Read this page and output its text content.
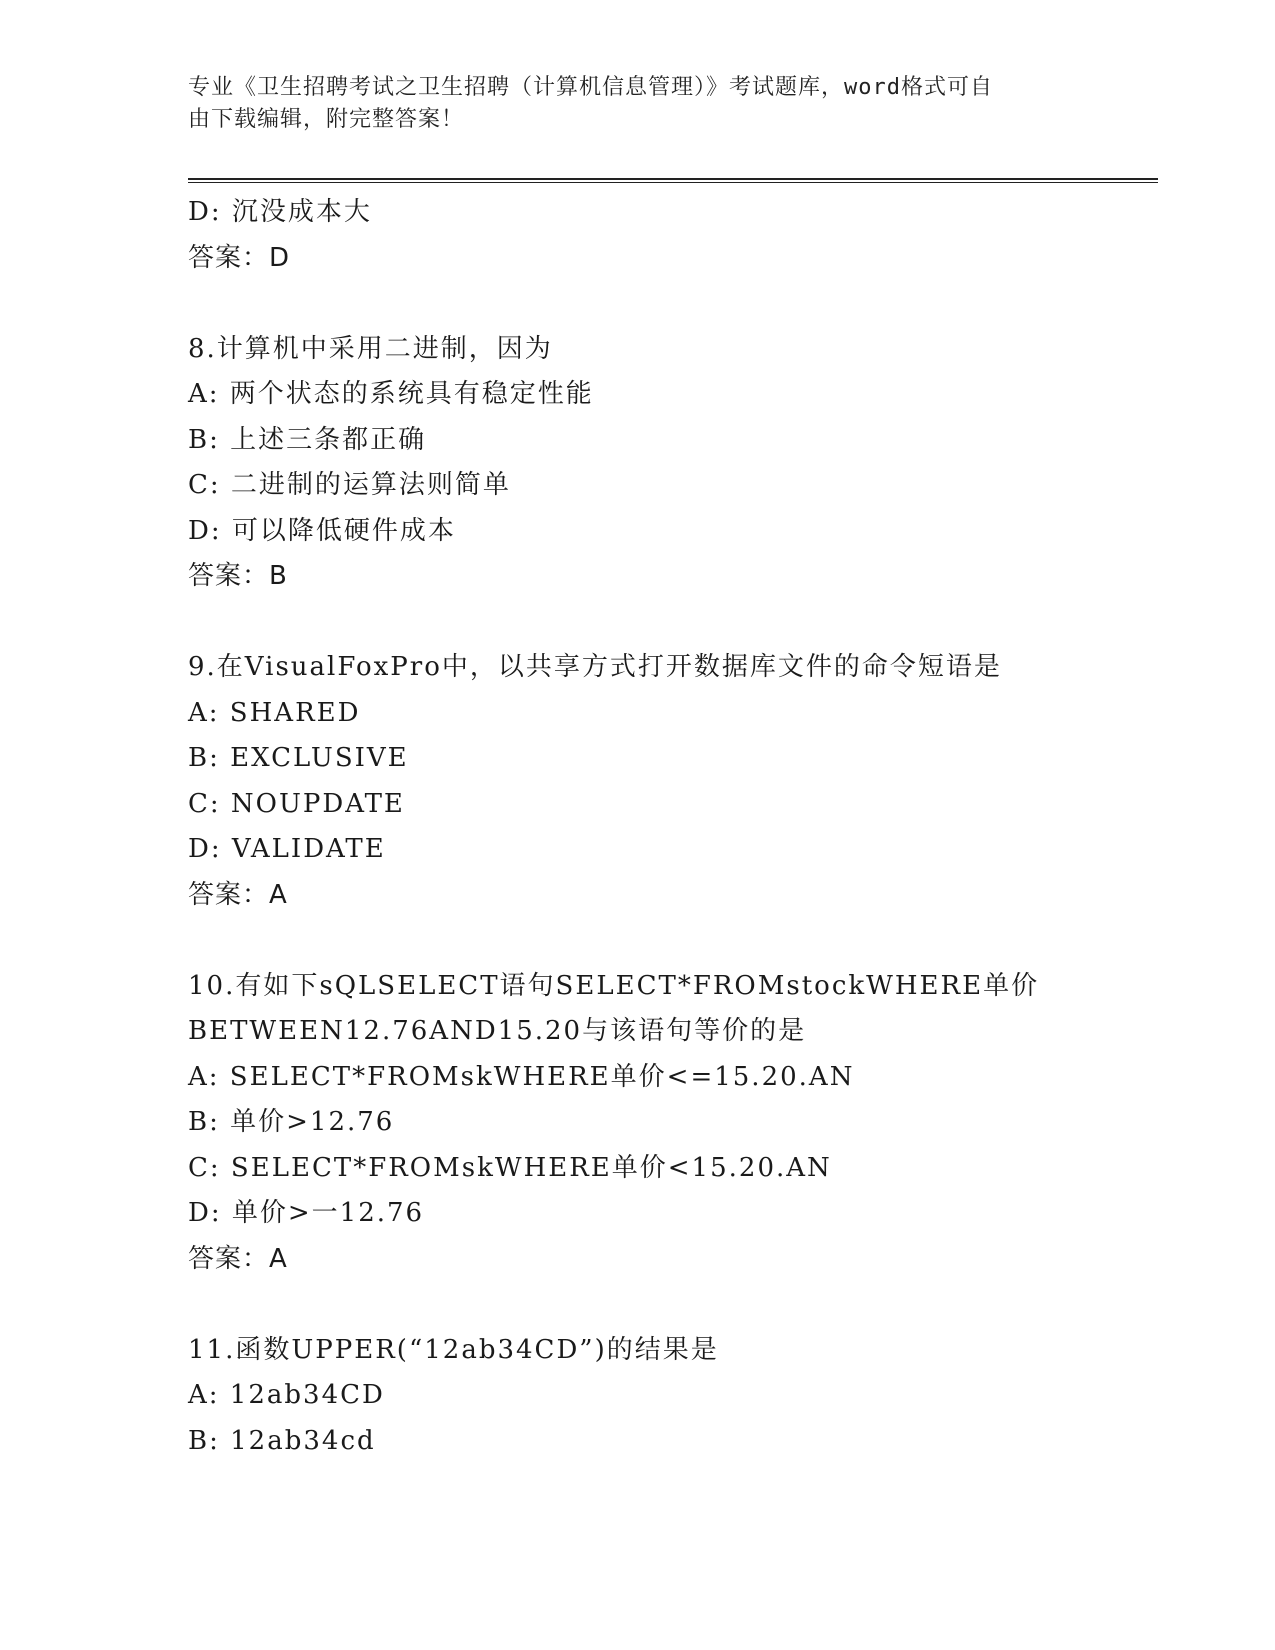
专业《卫生招聘考试之卫生招聘（计算机信息管理）》考试题库，word格式可自
由下载编辑，附完整答案！
D: 沉没成本大
答案：D
8.计算机中采用二进制，因为
A: 两个状态的系统具有稳定性能
B: 上述三条都正确
C: 二进制的运算法则简单
D: 可以降低硬件成本
答案：B
9.在VisualFoxPro中，以共享方式打开数据库文件的命令短语是
A: SHARED
B: EXCLUSIVE
C: NOUPDATE
D: VALIDATE
答案：A
10.有如下sQLSELECT语句SELECT*FROMstockWHERE单价
BETWEEN12.76AND15.20与该语句等价的是
A: SELECT*FROMskWHERE单价<=15.20.AN
B: 单价>12.76
C: SELECT*FROMskWHERE单价<15.20.AN
D: 单价>一12.76
答案：A
11.函数UPPER(“12ab34CD”)的结果是
A: 12ab34CD
B: 12ab34cd
